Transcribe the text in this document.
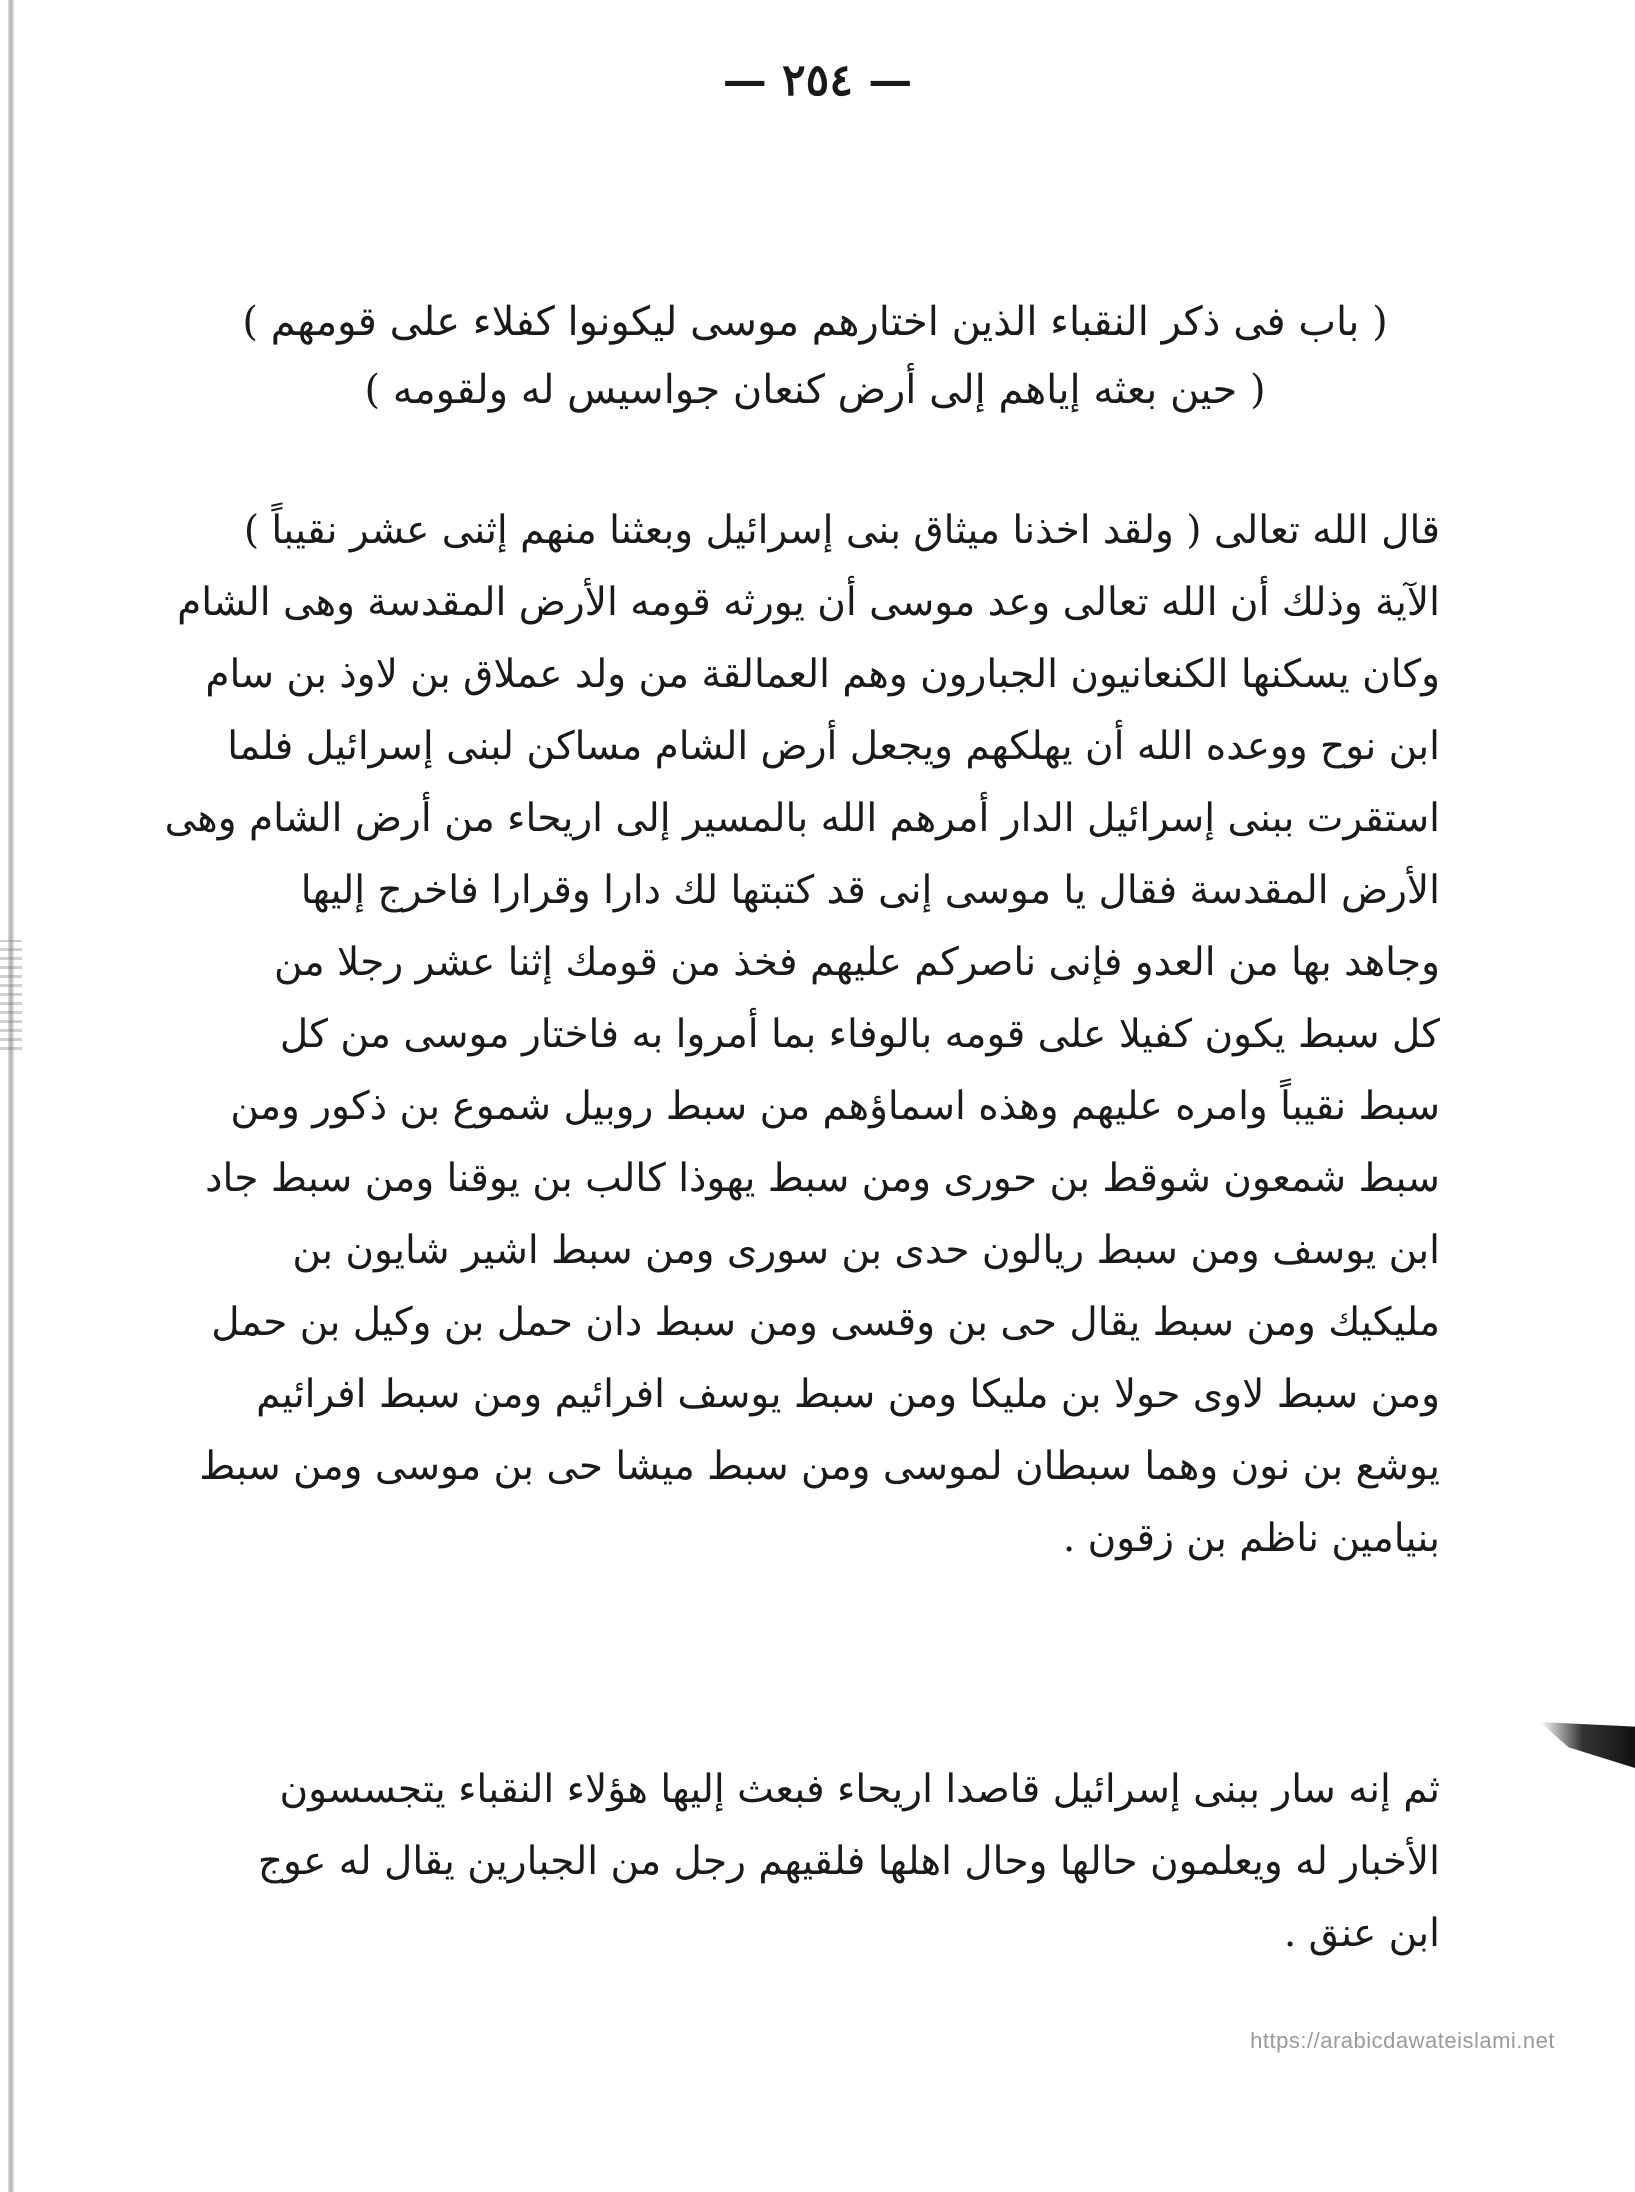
— ٢٥٤ —
( باب فى ذكر النقباء الذين اختارهم موسى ليكونوا كفلاء على قومهم )
( حين بعثه إياهم إلى أرض كنعان جواسيس له ولقومه )
قال الله تعالى ( ولقد اخذنا ميثاق بنى إسرائيل وبعثنا منهم إثنى عشر نقيباً )
الآية وذلك أن الله تعالى وعد موسى أن يورثه قومه الأرض المقدسة وهى الشام
وكان يسكنها الكنعانيون الجبارون وهم العمالقة من ولد عملاق بن لاوذ بن سام
ابن نوح ووعده الله أن يهلكهم ويجعل أرض الشام مساكن لبنى إسرائيل فلما
استقرت ببنى إسرائيل الدار أمرهم الله بالمسير إلى اريحاء من أرض الشام وهى
الأرض المقدسة فقال يا موسى إنى قد كتبتها لك دارا وقرارا فاخرج إليها
وجاهد بها من العدو فإنى ناصركم عليهم فخذ من قومك إثنا عشر رجلا من
كل سبط يكون كفيلا على قومه بالوفاء بما أمروا به فاختار موسى من كل
سبط نقيباً وامره عليهم وهذه اسماؤهم من سبط روبيل شموع بن ذكور ومن
سبط شمعون شوقط بن حورى ومن سبط يهوذا كالب بن يوقنا ومن سبط جاد
ابن يوسف ومن سبط ريالون حدى بن سورى ومن سبط اشير شايون بن
مليكيك ومن سبط يقال حى بن وقسى ومن سبط دان حمل بن وكيل بن حمل
ومن سبط لاوى حولا بن مليكا ومن سبط يوسف افرائيم ومن سبط افرائيم
يوشع بن نون وهما سبطان لموسى ومن سبط ميشا حى بن موسى ومن سبط
بنيامين ناظم بن زقون .
ثم إنه سار ببنى إسرائيل قاصدا اريحاء فبعث إليها هؤلاء النقباء يتجسسون
الأخبار له ويعلمون حالها وحال اهلها فلقيهم رجل من الجبارين يقال له عوج
ابن عنق .
https://arabicdawateislami.net
